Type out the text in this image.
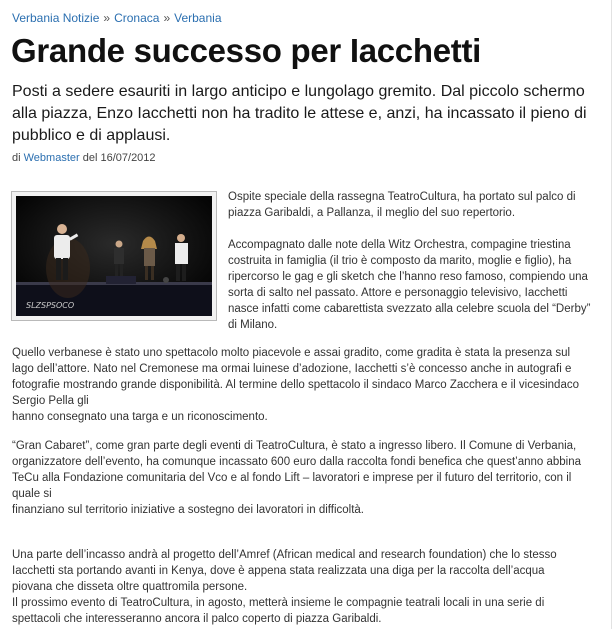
Verbania Notizie » Cronaca » Verbania
Grande successo per Iacchetti

Posti a sedere esauriti in largo anticipo e lungolago gremito. Dal piccolo schermo alla piazza, Enzo Iacchetti non ha tradito le attese e, anzi, ha incassato il pieno di pubblico e di applausi.

di Webmaster del 16/07/2012
SLZSPSOCO

Ospite speciale della rassegna TeatroCultura, ha portato sul palco di
piazza Garibaldi, a Pallanza, il meglio del suo repertorio.

Accompagnato dalle note della Witz Orchestra, compagine triestina
costruita in famiglia (il trio è composto da marito, moglie e figlio), ha
ripercorso le gag e gli sketch che l’hanno reso famoso, compiendo una
sorta di salto nel passato. Attore e personaggio televisivo, Iacchetti
nasce infatti come cabarettista svezzato alla celebre scuola del “Derby”
di Milano.

Quello verbanese è stato uno spettacolo molto piacevole e assai gradito, come gradita è stata la presenza sul
lago dell’attore. Nato nel Cremonese ma ormai luinese d’adozione, Iacchetti s’è concesso anche in autografi e
fotografie mostrando grande disponibilità. Al termine dello spettacolo il sindaco Marco Zacchera e il vicesindaco
Sergio Pella gli
hanno consegnato una targa e un riconoscimento.

“Gran Cabaret”, come gran parte degli eventi di TeatroCultura, è stato a ingresso libero. Il Comune di Verbania,
organizzatore dell’evento, ha comunque incassato 600 euro dalla raccolta fondi benefica che quest’anno abbina
TeCu alla Fondazione comunitaria del Vco e al fondo Lift – lavoratori e imprese per il futuro del territorio, con il
quale si
finanziano sul territorio iniziative a sostegno dei lavoratori in difficoltà.

Una parte dell’incasso andrà al progetto dell’Amref (African medical and research foundation) che lo stesso
Iacchetti sta portando avanti in Kenya, dove è appena stata realizzata una diga per la raccolta dell’acqua
piovana che disseta oltre quattromila persone.

Il prossimo evento di TeatroCultura, in agosto, metterà insieme le compagnie teatrali locali in una serie di
spettacoli che interesseranno ancora il palco coperto di piazza Garibaldi.
